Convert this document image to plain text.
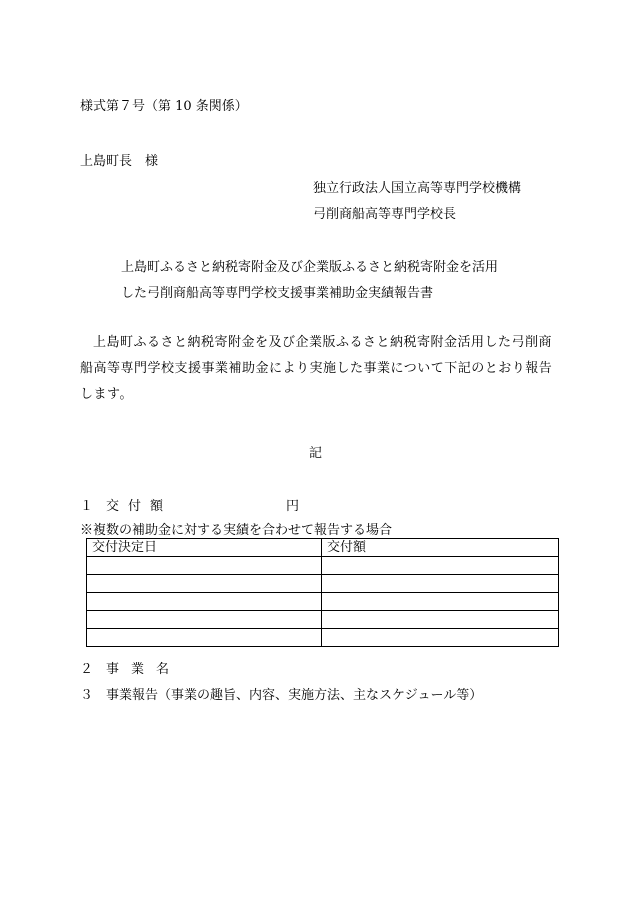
様式第７号（第 10 条関係）

上島町長　様

独立行政法人国立高等専門学校機構

弓削商船高等専門学校長

上島町ふるさと納税寄附金及び企業版ふるさと納税寄附金を活用

した弓削商船高等専門学校支援事業補助金実績報告書

上島町ふるさと納税寄附金を及び企業版ふるさと納税寄附金活用した弓削商船高等専門学校支援事業補助金により実施した事業について下記のとおり報告します。

記

１ 交付額	円

※複数の補助金に対する実績を合わせて報告する場合

交付決定日	交付額

２ 事業名
３ 事業報告（事業の趣旨、内容、実施方法、主なスケジュール等）
